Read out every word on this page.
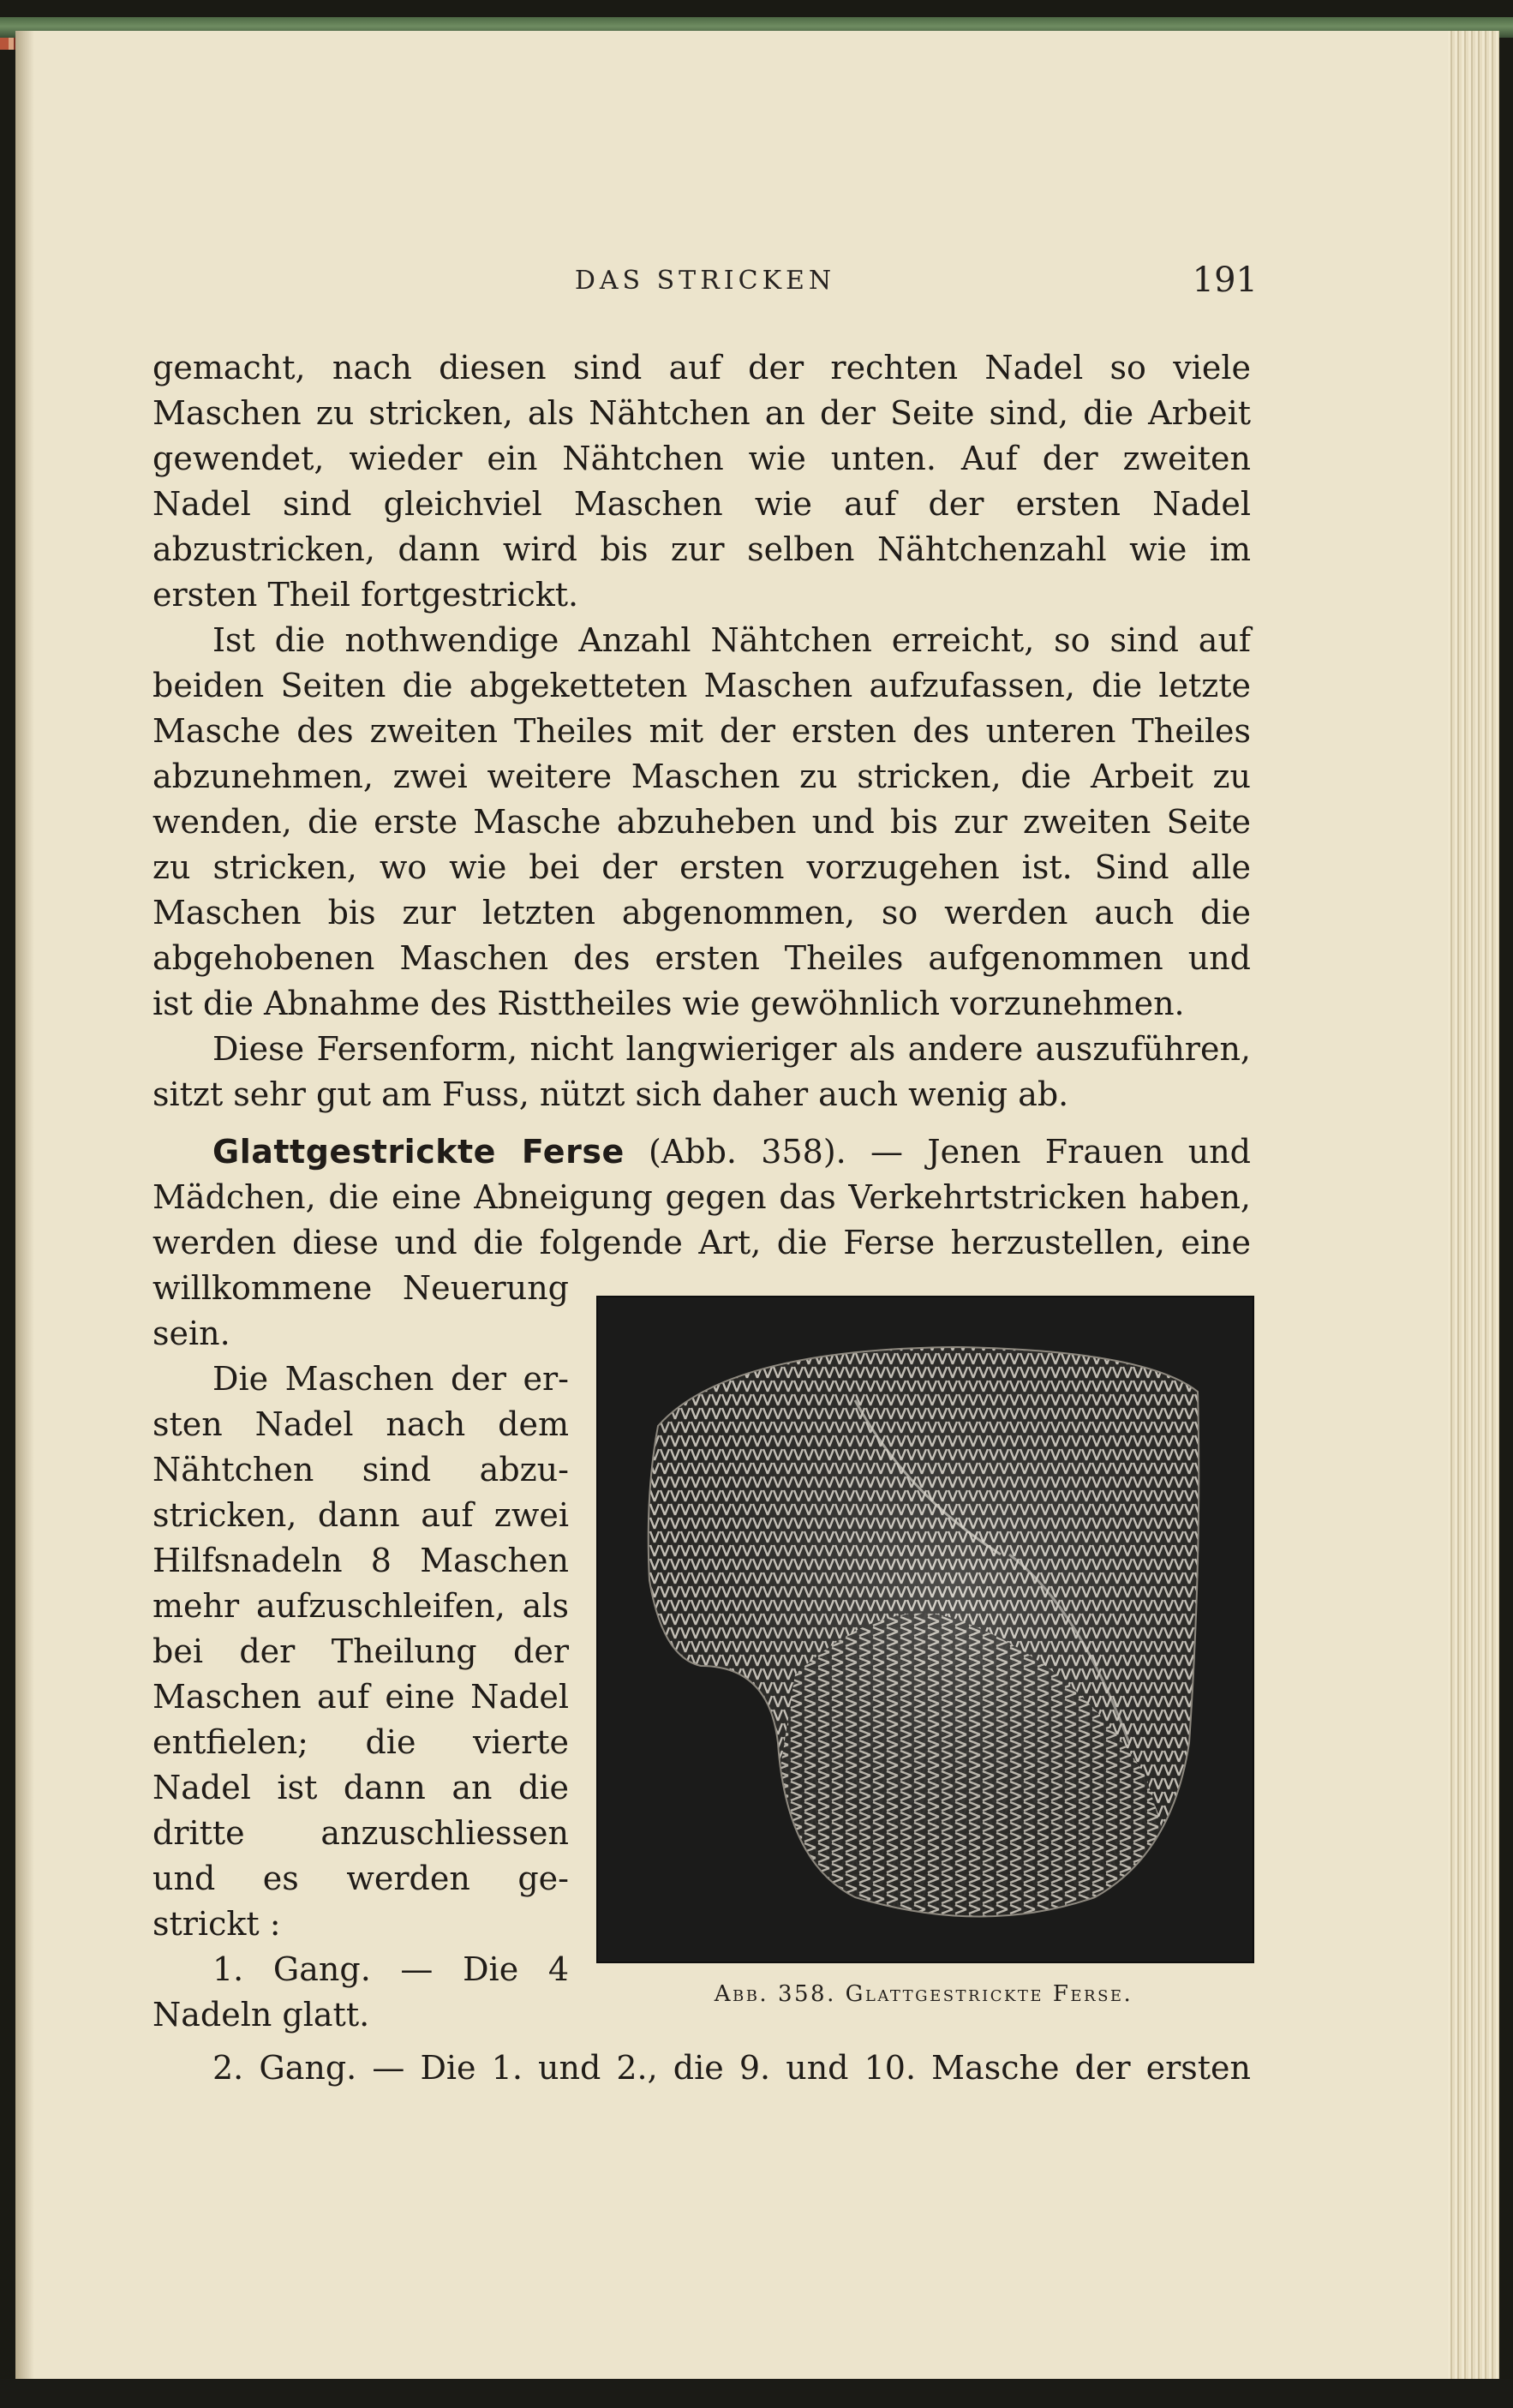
DAS STRICKEN	191
gemacht, nach diesen sind auf der rechten Nadel so viele
Maschen zu stricken, als Nähtchen an der Seite sind, die Arbeit
gewendet, wieder ein Nähtchen wie unten. Auf der zweiten
Nadel sind gleichviel Maschen wie auf der ersten Nadel
abzustricken, dann wird bis zur selben Nähtchenzahl wie im
ersten Theil fortgestrickt.
Ist die nothwendige Anzahl Nähtchen erreicht, so sind auf
beiden Seiten die abgeketteten Maschen aufzufassen, die letzte
Masche des zweiten Theiles mit der ersten des unteren Theiles
abzunehmen, zwei weitere Maschen zu stricken, die Arbeit zu
wenden, die erste Masche abzuheben und bis zur zweiten Seite
zu stricken, wo wie bei der ersten vorzugehen ist. Sind alle
Maschen bis zur letzten abgenommen, so werden auch die
abgehobenen Maschen des ersten Theiles aufgenommen und
ist die Abnahme des Risttheiles wie gewöhnlich vorzunehmen.
Diese Fersenform, nicht langwieriger als andere auszuführen,
sitzt sehr gut am Fuss, nützt sich daher auch wenig ab.
Glattgestrickte Ferse (Abb. 358). — Jenen Frauen und
Mädchen, die eine Abneigung gegen das Verkehrtstricken haben,
werden diese und die folgende Art, die Ferse herzustellen, eine
willkommene Neuerung
sein.
Die Maschen der er-
sten Nadel nach dem
Nähtchen sind abzu-
stricken, dann auf zwei
Hilfsnadeln 8 Maschen
mehr aufzuschleifen, als
bei der Theilung der
Maschen auf eine Nadel
entfielen; die vierte
Nadel ist dann an die
dritte anzuschliessen
und es werden ge-
strickt :
1. Gang. — Die 4
Nadeln glatt.
2. Gang. — Die 1. und 2., die 9. und 10. Masche der ersten
Abb. 358. Glattgestrickte Ferse.
